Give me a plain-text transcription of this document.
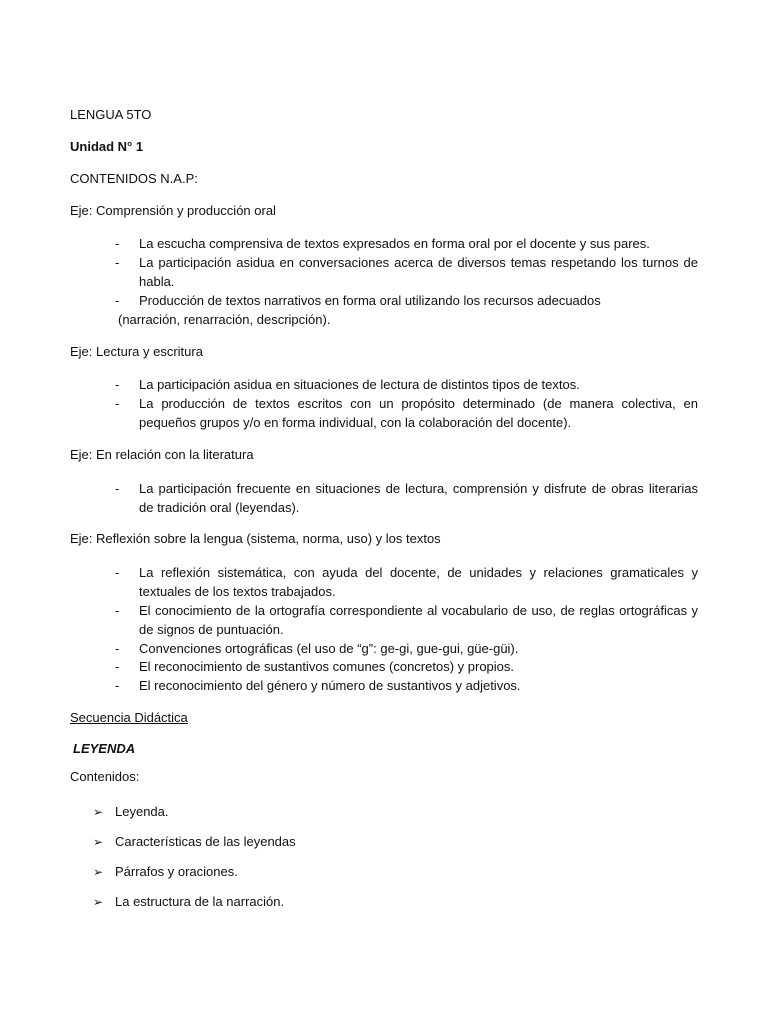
LENGUA 5TO
Unidad N° 1
CONTENIDOS N.A.P:
Eje: Comprensión y producción oral
- La escucha comprensiva de textos expresados en forma oral por el docente y sus pares.
- La participación asidua en conversaciones acerca de diversos temas respetando los turnos de habla.
- Producción de textos narrativos en forma oral utilizando los recursos adecuados
(narración, renarración, descripción).
Eje: Lectura y escritura
- La participación asidua en situaciones de lectura de distintos tipos de textos.
- La producción de textos escritos con un propósito determinado (de manera colectiva, en pequeños grupos y/o en forma individual, con la colaboración del docente).
Eje: En relación con la literatura
- La participación frecuente en situaciones de lectura, comprensión y disfrute de obras literarias de tradición oral (leyendas).
Eje: Reflexión sobre la lengua (sistema, norma, uso) y los textos
- La reflexión sistemática, con ayuda del docente, de unidades y relaciones gramaticales y textuales de los textos trabajados.
- El conocimiento de la ortografía correspondiente al vocabulario de uso, de reglas ortográficas y de signos de puntuación.
- Convenciones ortográficas (el uso de “g”: ge-gi, gue-gui, güe-güi).
- El reconocimiento de sustantivos comunes (concretos) y propios.
- El reconocimiento del género y número de sustantivos y adjetivos.
Secuencia Didáctica
LEYENDA
Contenidos:
➢ Leyenda.
➢ Características de las leyendas
➢ Párrafos y oraciones.
➢ La estructura de la narración.
